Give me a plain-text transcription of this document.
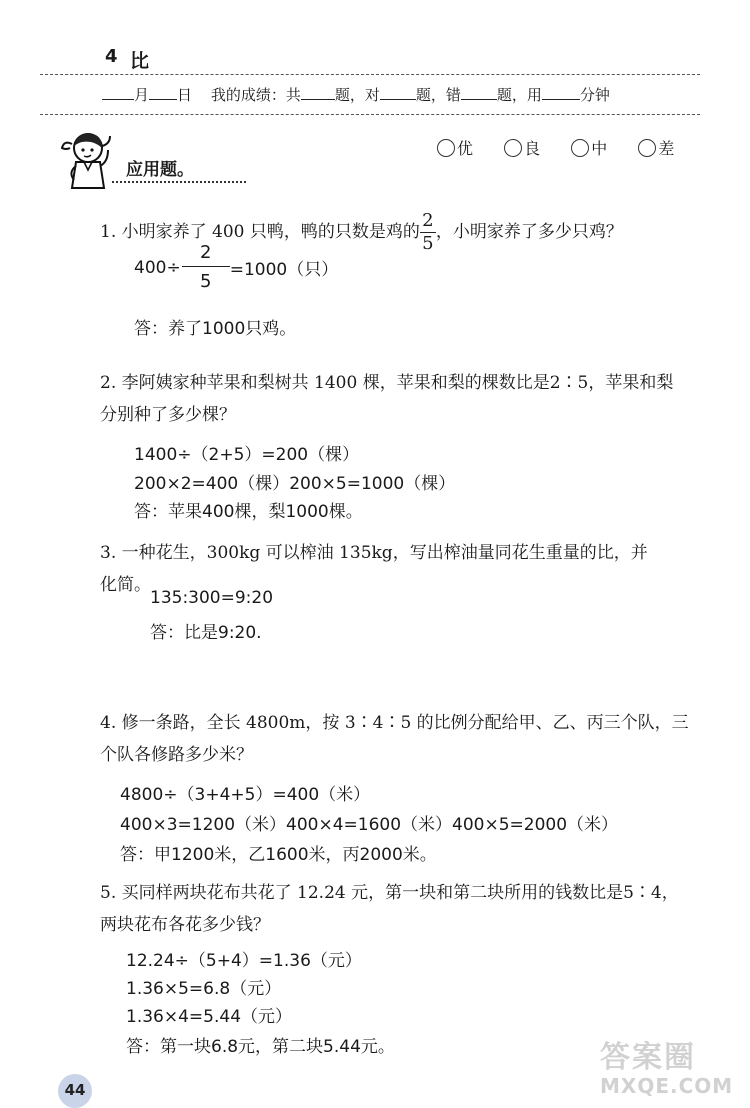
4 比
月 日 我的成绩：共 题，对 题，错 题，用	分钟
应用题。
优	良	中	差
1. 小明家养了 400 只鸭，鸭的只数是鸡的 $\frac{2}{5}$ ，小明家养了多少只鸡？
$400\div \frac{2}{5} =1000$（只）
答：养了1000只鸡。
2. 李阿姨家种苹果和梨树共 1400 棵，苹果和梨的棵数比是2∶5，苹果和梨
分别种了多少棵？
1400÷（2+5）=200（棵）
200×2=400（棵）200×5=1000（棵）
答：苹果400棵，梨1000棵。
3. 一种花生，300kg 可以榨油 135kg，写出榨油量同花生重量的比，并
化简。
135:300=9:20
答：比是9:20.
4. 修一条路，全长 4800m，按 3∶4∶5 的比例分配给甲、乙、丙三个队，三
个队各修路多少米？
4800÷（3+4+5）=400（米）
400×3=1200（米）400×4=1600（米）400×5=2000（米）
答：甲1200米，乙1600米，丙2000米。
5. 买同样两块花布共花了 12.24 元，第一块和第二块所用的钱数比是5∶4，
两块花布各花多少钱？
12.24÷（5+4）=1.36（元）
1.36×5=6.8（元）
1.36×4=5.44（元）
答：第一块6.8元，第二块5.44元。
44
答案圈
MXQE.COM
